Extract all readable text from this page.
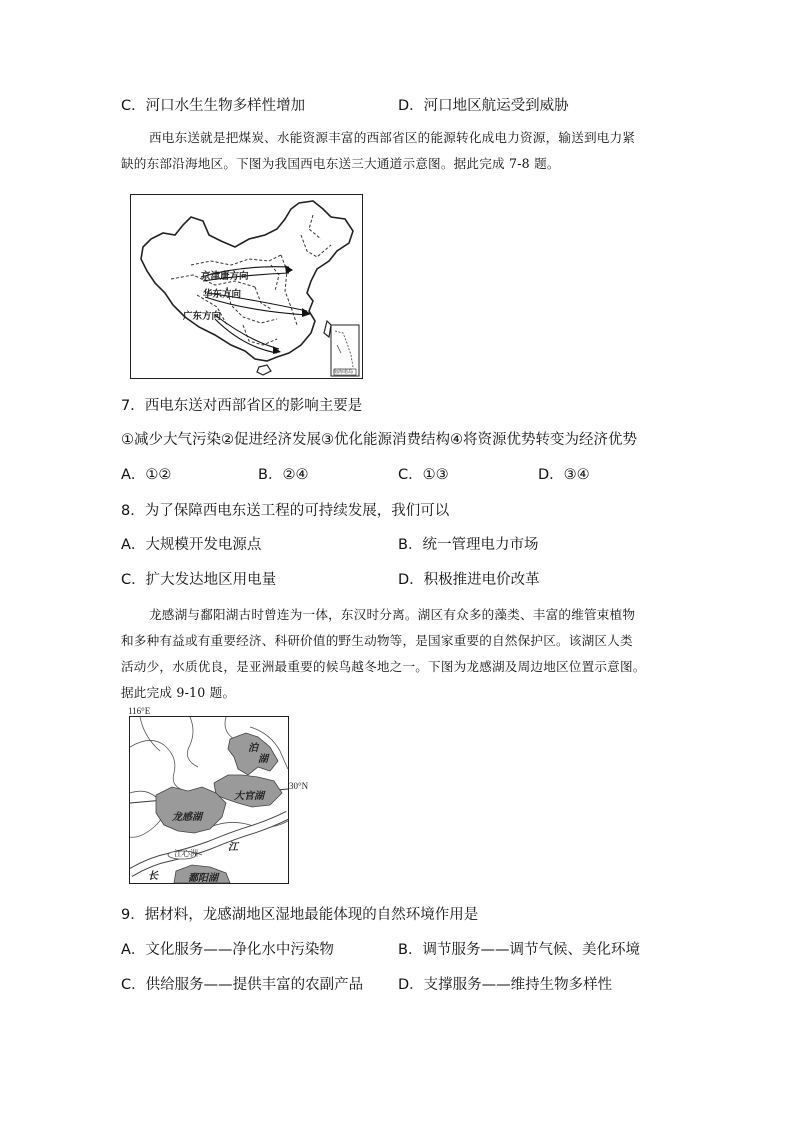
C．河口水生生物多样性增加	D．河口地区航运受到威胁
西电东送就是把煤炭、水能资源丰富的西部省区的能源转化成电力资源，输送到电力紧
缺的东部沿海地区。下图为我国西电东送三大通道示意图。据此完成 7-8 题。
京津唐方向
华东方向
广东方向
南海诸岛
7．西电东送对西部省区的影响主要是
①减少大气污染②促进经济发展③优化能源消费结构④将资源优势转变为经济优势
A．①②	B．②④	C．①③	D．③④
8．为了保障西电东送工程的可持续发展，我们可以
A．大规模开发电源点	B．统一管理电力市场
C．扩大发达地区用电量	D．积极推进电价改革
龙感湖与鄱阳湖古时曾连为一体，东汉时分离。湖区有众多的藻类、丰富的维管束植物
和多种有益或有重要经济、科研价值的野生动物等，是国家重要的自然保护区。该湖区人类
活动少，水质优良，是亚洲最重要的候鸟越冬地之一。下图为龙感湖及周边地区位置示意图。
据此完成 9-10 题。
116°E
泊
湖
大官湖
龙感湖
江心洲
江
长	鄱阳湖
30°N
9．据材料，龙感湖地区湿地最能体现的自然环境作用是
A．文化服务——净化水中污染物	B．调节服务——调节气候、美化环境
C．供给服务——提供丰富的农副产品 D．支撑服务——维持生物多样性
